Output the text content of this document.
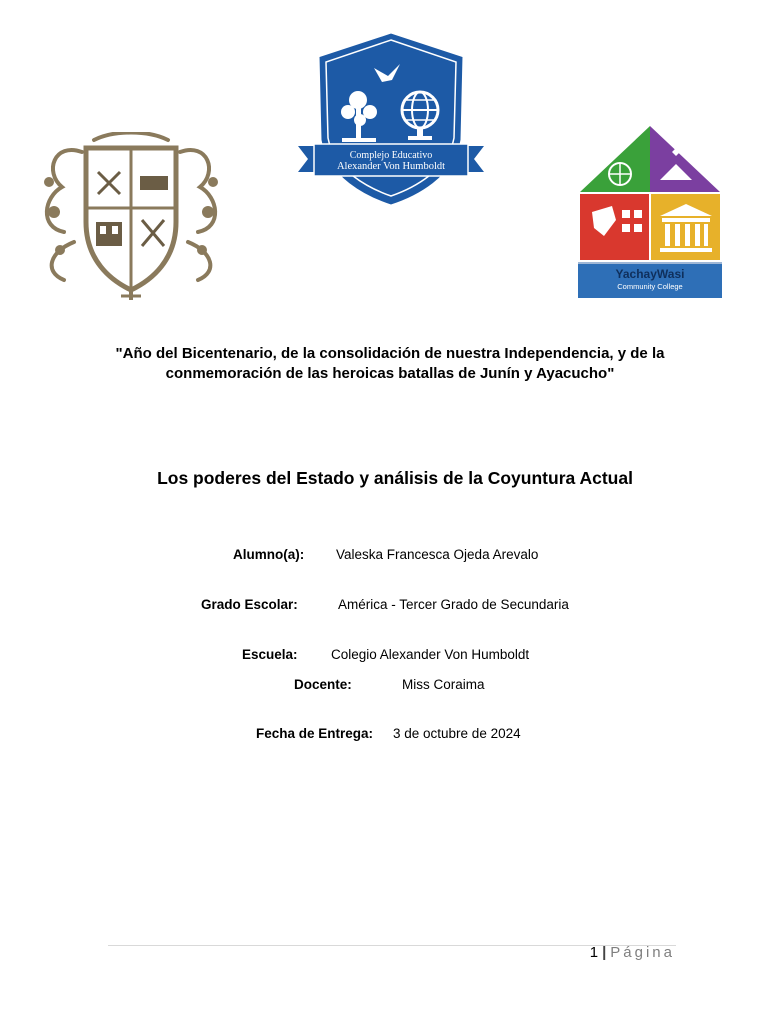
Complejo Educativo
Alexander Von Humboldt
YachayWasi
Community College
"Año del Bicentenario, de la consolidación de nuestra Independencia, y de la conmemoración de las heroicas batallas de Junín y Ayacucho"
Los poderes del Estado y análisis de la Coyuntura Actual
Alumno(a): Valeska Francesca Ojeda Arevalo
Grado Escolar:	América - Tercer Grado de Secundaria
Escuela: Colegio Alexander Von Humboldt
Docente:	Miss Coraima
Fecha de Entrega: 3 de octubre de 2024
1 | Página
